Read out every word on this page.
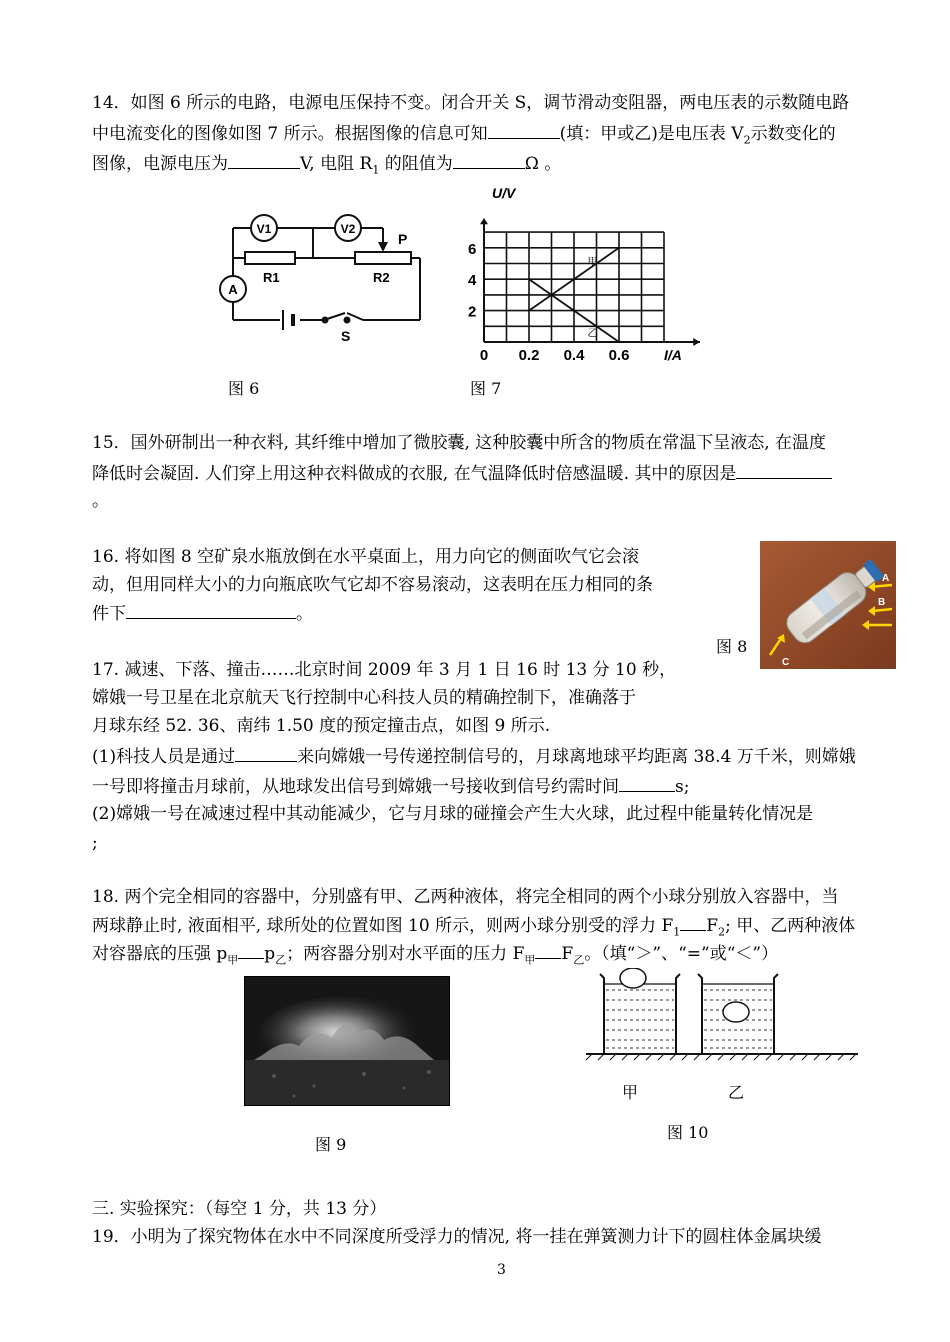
14．如图 6 所示的电路，电源电压保持不变。闭合开关 S，调节滑动变阻器，两电压表的示数随电路
中电流变化的图像如图 7 所示。根据图像的信息可知	(填：甲或乙)是电压表 $V_2$示数变化的
图像，电源电压为	V, 电阻 $R_1$ 的阻值为	Ω 。
V1	V2
A
P
R1	R2
S
图 6
6
4
2
0 0.2 0.4 0.6
U/V
I/A
甲
乙
图 7
15．国外研制出一种衣料, 其纤维中增加了微胶囊, 这种胶囊中所含的物质在常温下呈液态, 在温度
降低时会凝固. 人们穿上用这种衣料做成的衣服, 在气温降低时倍感温暖. 其中的原因是
。
16. 将如图 8 空矿泉水瓶放倒在水平桌面上，用力向它的侧面吹气它会滚
动，但用同样大小的力向瓶底吹气它却不容易滚动，这表明在压力相同的条
件下	。
A
B
C
图 8
17. 减速、下落、撞击……北京时间 2009 年 3 月 1 日 16 时 13 分 10 秒，
嫦娥一号卫星在北京航天飞行控制中心科技人员的精确控制下，准确落于
月球东经 52. 36、南纬 1.50 度的预定撞击点，如图 9 所示.
(1)科技人员是通过	来向嫦娥一号传递控制信号的，月球离地球平均距离 38.4 万千米，则嫦娥
一号即将撞击月球前，从地球发出信号到嫦娥一号接收到信号约需时间	s;
(2)嫦娥一号在减速过程中其动能减少，它与月球的碰撞会产生大火球，此过程中能量转化情况是
;
18. 两个完全相同的容器中，分别盛有甲、乙两种液体，将完全相同的两个小球分别放入容器中，当
两球静止时, 液面相平, 球所处的位置如图 10 所示，则两小球分别受的浮力 $F_1$ $F_2$; 甲、乙两种液体
对容器底的压强 $p_甲$ $p_乙$；两容器分别对水平面的压力 $F_甲$ $F_乙$。（填“＞”、“=”或“＜”）
图 9
甲	乙
图 10
三. 实验探究：（每空 1 分，共 13 分）
19．小明为了探究物体在水中不同深度所受浮力的情况, 将一挂在弹簧测力计下的圆柱体金属块缓
3
